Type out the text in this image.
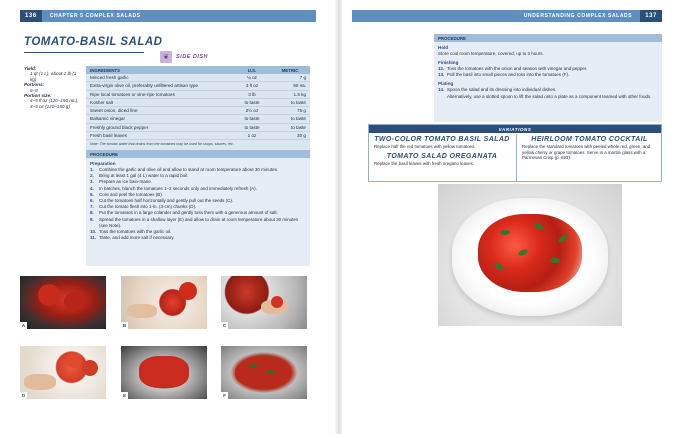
136	CHAPTER 5 COMPLEX SALADS
TOMATO-BASIL SALAD
❦	SIDE DISH
Yield:
1 qt (1 L), about 2 lb (1 kg)
Portions:
6–8
Portion size:
4–5 fl oz (120–150 mL),
4–5 oz (120–150 g)
INGREDIENTS	U.S.	METRIC
Minced fresh garlic	¼ oz	7 g
Extra-virgin olive oil, preferably unfiltered artisan type	3 fl oz	90 mL
Ripe local tomatoes or vine-ripe tomatoes	3 lb	1.5 kg
Kosher salt	to taste	to taste
Sweet onion, diced fine	2½ oz	75 g
Balsamic vinegar	to taste	to taste
Freshly ground black pepper	to taste	to taste
Fresh basil leaves	1 oz	30 g
Note: The tomato water that drains from the tomatoes may be used for soups, sauces, etc.
PROCEDURE
Preparation
1.	Combine the garlic and olive oil and allow to stand at room temperature about 30 minutes.
2.	Bring at least 1 gal (4 L) water to a rapid boil.
3.	Prepare an ice bain-marie.
4.	In batches, blanch the tomatoes 1–2 seconds only and immediately refresh (A).
5.	Core and peel the tomatoes (B).
6.	Cut the tomatoes half horizontally and gently pull out the seeds (C).
7.	Cut the tomato flesh into 1-in. (3-cm) chunks (D).
8.	Put the tomatoes in a large colander and gently toss them with a generous amount of salt.
9.	Spread the tomatoes in a shallow layer (E) and allow to drain at room temperature about 30 minutes (see Note).
10. Toss the tomatoes with the garlic oil.
11. Taste, and add more salt if necessary.
A	B	C
D	E	F
UNDERSTANDING COMPLEX SALADS	137
PROCEDURE
Hold
Store cool room temperature, covered, up to 3 hours.
Finishing
12. Toss the tomatoes with the onion and season with vinegar and pepper.
13. Pull the basil into small pieces and toss into the tomatoes (F).
Plating
14. Spoon the salad and its dressing into individual dishes.
Alternatively, use a slotted spoon to lift the salad onto a plate as a component teamed with other foods.
VARIATIONS
TWO-COLOR TOMATO BASIL SALAD
Replace half the red tomatoes with yellow tomatoes.
TOMATO SALAD OREGANATA
Replace the basil leaves with fresh oregano leaves.
HEIRLOOM TOMATO COCKTAIL
Replace the standard tomatoes with peeled whole red, green, and yellow cherry or grape tomatoes. Serve in a martini glass with a Parmesan Crisp (p. 693).
